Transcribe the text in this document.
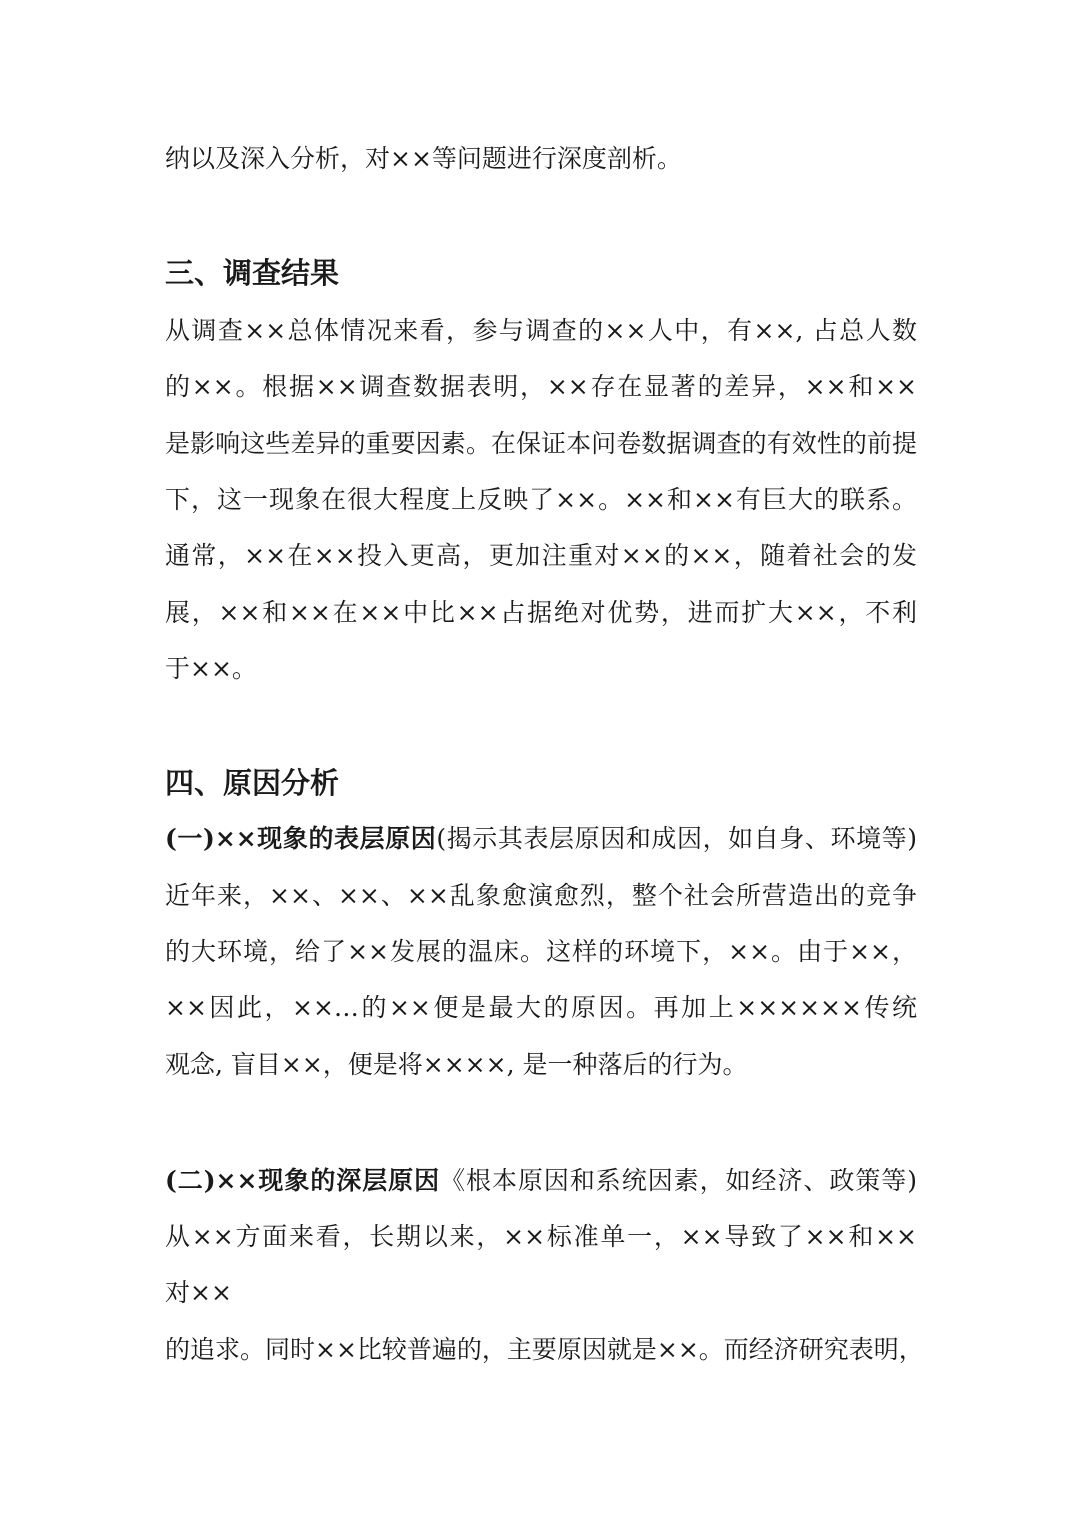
纳以及深入分析，对××等问题进行深度剖析。
三、调查结果
从调查××总体情况来看，参与调查的××人中，有××, 占总人数
的××。根据××调查数据表明，××存在显著的差异，××和××
是影响这些差异的重要因素。在保证本问卷数据调查的有效性的前提
下，这一现象在很大程度上反映了××。××和××有巨大的联系。
通常，××在××投入更高，更加注重对××的××，随着社会的发
展，××和××在××中比××占据绝对优势，进而扩大××，不利
于××。
四、原因分析
(一)××现象的表层原因(揭示其表层原因和成因，如自身、环境等)
近年来，××、××、××乱象愈演愈烈，整个社会所营造出的竞争
的大环境，给了××发展的温床。这样的环境下，××。由于××，
××因此，××…的××便是最大的原因。再加上××××××传统
观念, 盲目××，便是将××××, 是一种落后的行为。
(二)××现象的深层原因《根本原因和系统因素，如经济、政策等)
从××方面来看，长期以来，××标准单一，××导致了××和××
对××
的追求。同时××比较普遍的，主要原因就是××。而经济研究表明，
